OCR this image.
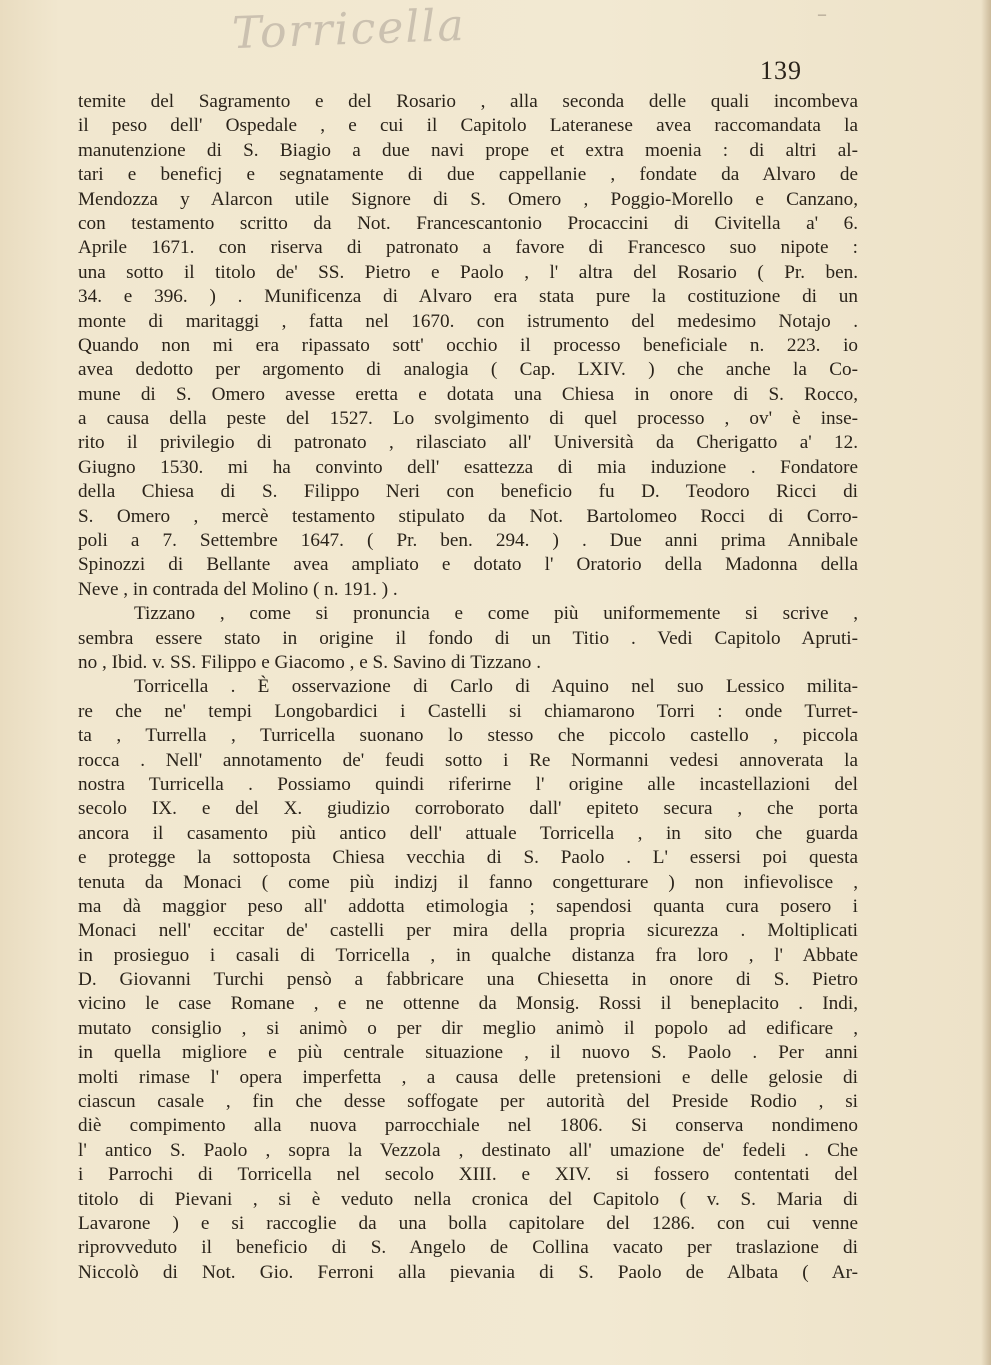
Torricella	–
139
temite del Sagramento e del Rosario , alla seconda delle quali incombeva
il peso dell' Ospedale , e cui il Capitolo Lateranese avea raccomandata la
manutenzione di S. Biagio a due navi prope et extra moenia : di altri al-
tari e beneficj e segnatamente di due cappellanie , fondate da Alvaro de
Mendozza y Alarcon utile Signore di S. Omero , Poggio-Morello e Canzano,
con testamento scritto da Not. Francescantonio Procaccini di Civitella a' 6.
Aprile 1671. con riserva di patronato a favore di Francesco suo nipote :
una sotto il titolo de' SS. Pietro e Paolo , l' altra del Rosario ( Pr. ben.
34. e 396. ) . Munificenza di Alvaro era stata pure la costituzione di un
monte di maritaggi , fatta nel 1670. con istrumento del medesimo Notajo .
Quando non mi era ripassato sott' occhio il processo beneficiale n. 223. io
avea dedotto per argomento di analogia ( Cap. LXIV. ) che anche la Co-
mune di S. Omero avesse eretta e dotata una Chiesa in onore di S. Rocco,
a causa della peste del 1527. Lo svolgimento di quel processo , ov' è inse-
rito il privilegio di patronato , rilasciato all' Università da Cherigatto a' 12.
Giugno 1530. mi ha convinto dell' esattezza di mia induzione . Fondatore
della Chiesa di S. Filippo Neri con beneficio fu D. Teodoro Ricci di
S. Omero , mercè testamento stipulato da Not. Bartolomeo Rocci di Corro-
poli a 7. Settembre 1647. ( Pr. ben. 294. ) . Due anni prima Annibale
Spinozzi di Bellante avea ampliato e dotato l' Oratorio della Madonna della
Neve , in contrada del Molino ( n. 191. ) .
Tizzano , come si pronuncia e come più uniformemente si scrive ,
sembra essere stato in origine il fondo di un Titio . Vedi Capitolo Apruti-
no , Ibid. v. SS. Filippo e Giacomo , e S. Savino di Tizzano .
Torricella . È osservazione di Carlo di Aquino nel suo Lessico milita-
re che ne' tempi Longobardici i Castelli si chiamarono Torri : onde Turret-
ta , Turrella , Turricella suonano lo stesso che piccolo castello , piccola
rocca . Nell' annotamento de' feudi sotto i Re Normanni vedesi annoverata la
nostra Turricella . Possiamo quindi riferirne l' origine alle incastellazioni del
secolo IX. e del X. giudizio corroborato dall' epiteto secura , che porta
ancora il casamento più antico dell' attuale Torricella , in sito che guarda
e protegge la sottoposta Chiesa vecchia di S. Paolo . L' essersi poi questa
tenuta da Monaci ( come più indizj il fanno congetturare ) non infievolisce ,
ma dà maggior peso all' addotta etimologia ; sapendosi quanta cura posero i
Monaci nell' eccitar de' castelli per mira della propria sicurezza . Moltiplicati
in prosieguo i casali di Torricella , in qualche distanza fra loro , l' Abbate
D. Giovanni Turchi pensò a fabbricare una Chiesetta in onore di S. Pietro
vicino le case Romane , e ne ottenne da Monsig. Rossi il beneplacito . Indi,
mutato consiglio , si animò o per dir meglio animò il popolo ad edificare ,
in quella migliore e più centrale situazione , il nuovo S. Paolo . Per anni
molti rimase l' opera imperfetta , a causa delle pretensioni e delle gelosie di
ciascun casale , fin che desse soffogate per autorità del Preside Rodio , si
diè compimento alla nuova parrocchiale nel 1806. Si conserva nondimeno
l' antico S. Paolo , sopra la Vezzola , destinato all' umazione de' fedeli . Che
i Parrochi di Torricella nel secolo XIII. e XIV. si fossero contentati del
titolo di Pievani , si è veduto nella cronica del Capitolo ( v. S. Maria di
Lavarone ) e si raccoglie da una bolla capitolare del 1286. con cui venne
riprovveduto il beneficio di S. Angelo de Collina vacato per traslazione di
Niccolò di Not. Gio. Ferroni alla pievania di S. Paolo de Albata ( Ar-
